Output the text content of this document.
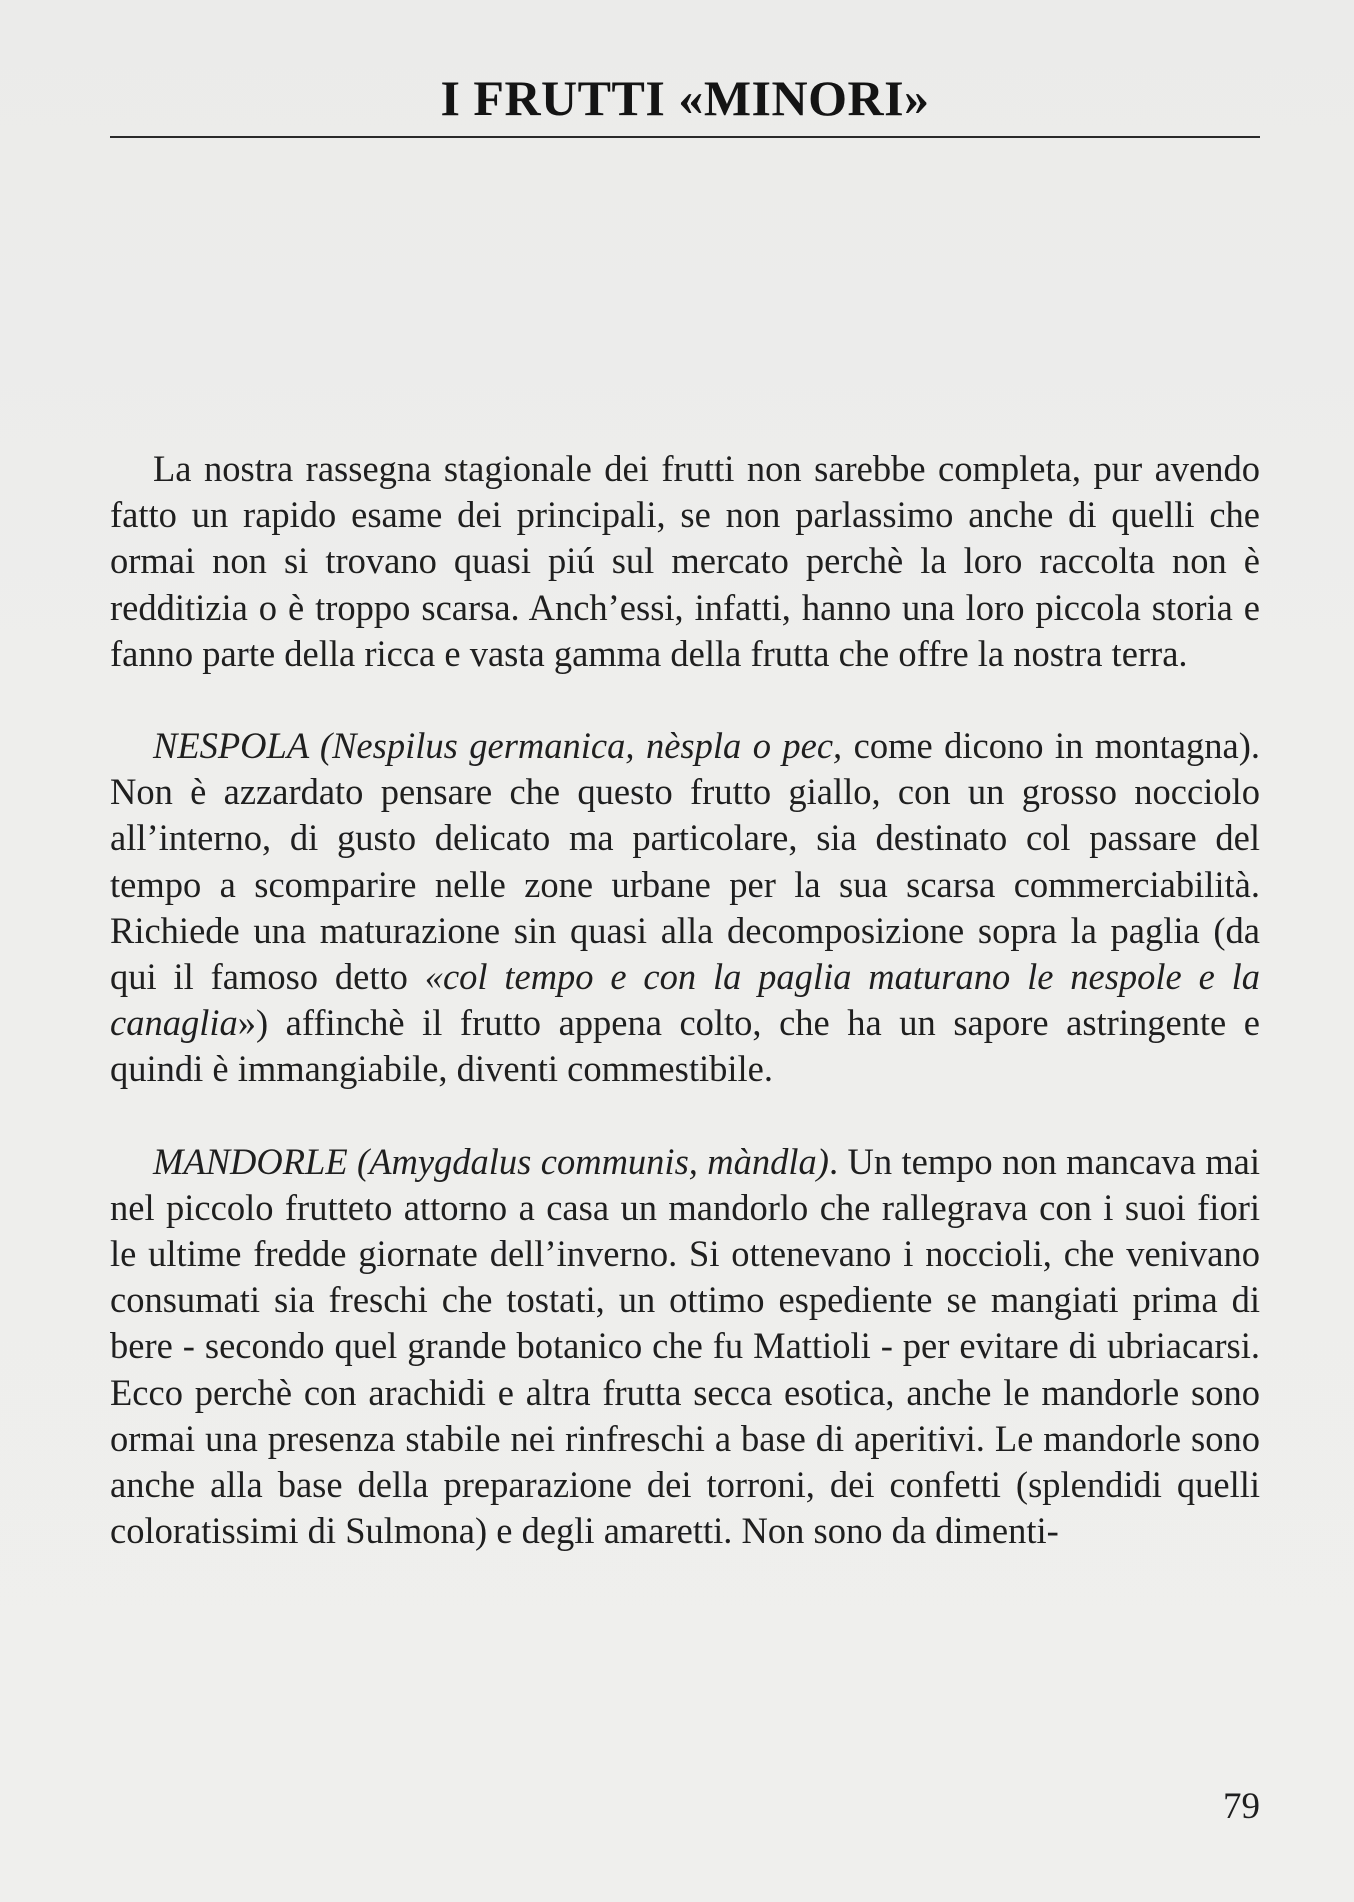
I FRUTTI «MINORI»

La nostra rassegna stagionale dei frutti non sarebbe completa, pur avendo fatto un rapido esame dei principali, se non parlassimo anche di quelli che ormai non si trovano quasi piú sul mercato perchè la loro raccolta non è redditizia o è troppo scarsa. Anch’essi, infatti, hanno una loro piccola storia e fanno parte della ricca e vasta gamma della frutta che offre la nostra terra.

NESPOLA (Nespilus germanica, nèspla o pec, come dicono in montagna). Non è azzardato pensare che questo frutto giallo, con un grosso nocciolo all’interno, di gusto delicato ma particolare, sia destinato col passare del tempo a scomparire nelle zone urbane per la sua scarsa commerciabilità. Richiede una maturazione sin quasi alla decomposizione sopra la paglia (da qui il famoso detto «col tempo e con la paglia maturano le nespole e la canaglia») affinchè il frutto appena colto, che ha un sapore astringente e quindi è immangiabile, diventi commestibile.

MANDORLE (Amygdalus communis, màndla). Un tempo non mancava mai nel piccolo frutteto attorno a casa un mandorlo che rallegrava con i suoi fiori le ultime fredde giornate dell’inverno. Si ottenevano i noccioli, che venivano consumati sia freschi che tostati, un ottimo espediente se mangiati prima di bere - secondo quel grande botanico che fu Mattioli - per evitare di ubriacarsi. Ecco perchè con arachidi e altra frutta secca esotica, anche le mandorle sono ormai una presenza stabile nei rinfreschi a base di aperitivi. Le mandorle sono anche alla base della preparazione dei torroni, dei confetti (splendidi quelli coloratissimi di Sulmona) e degli amaretti. Non sono da dimenti-

79
